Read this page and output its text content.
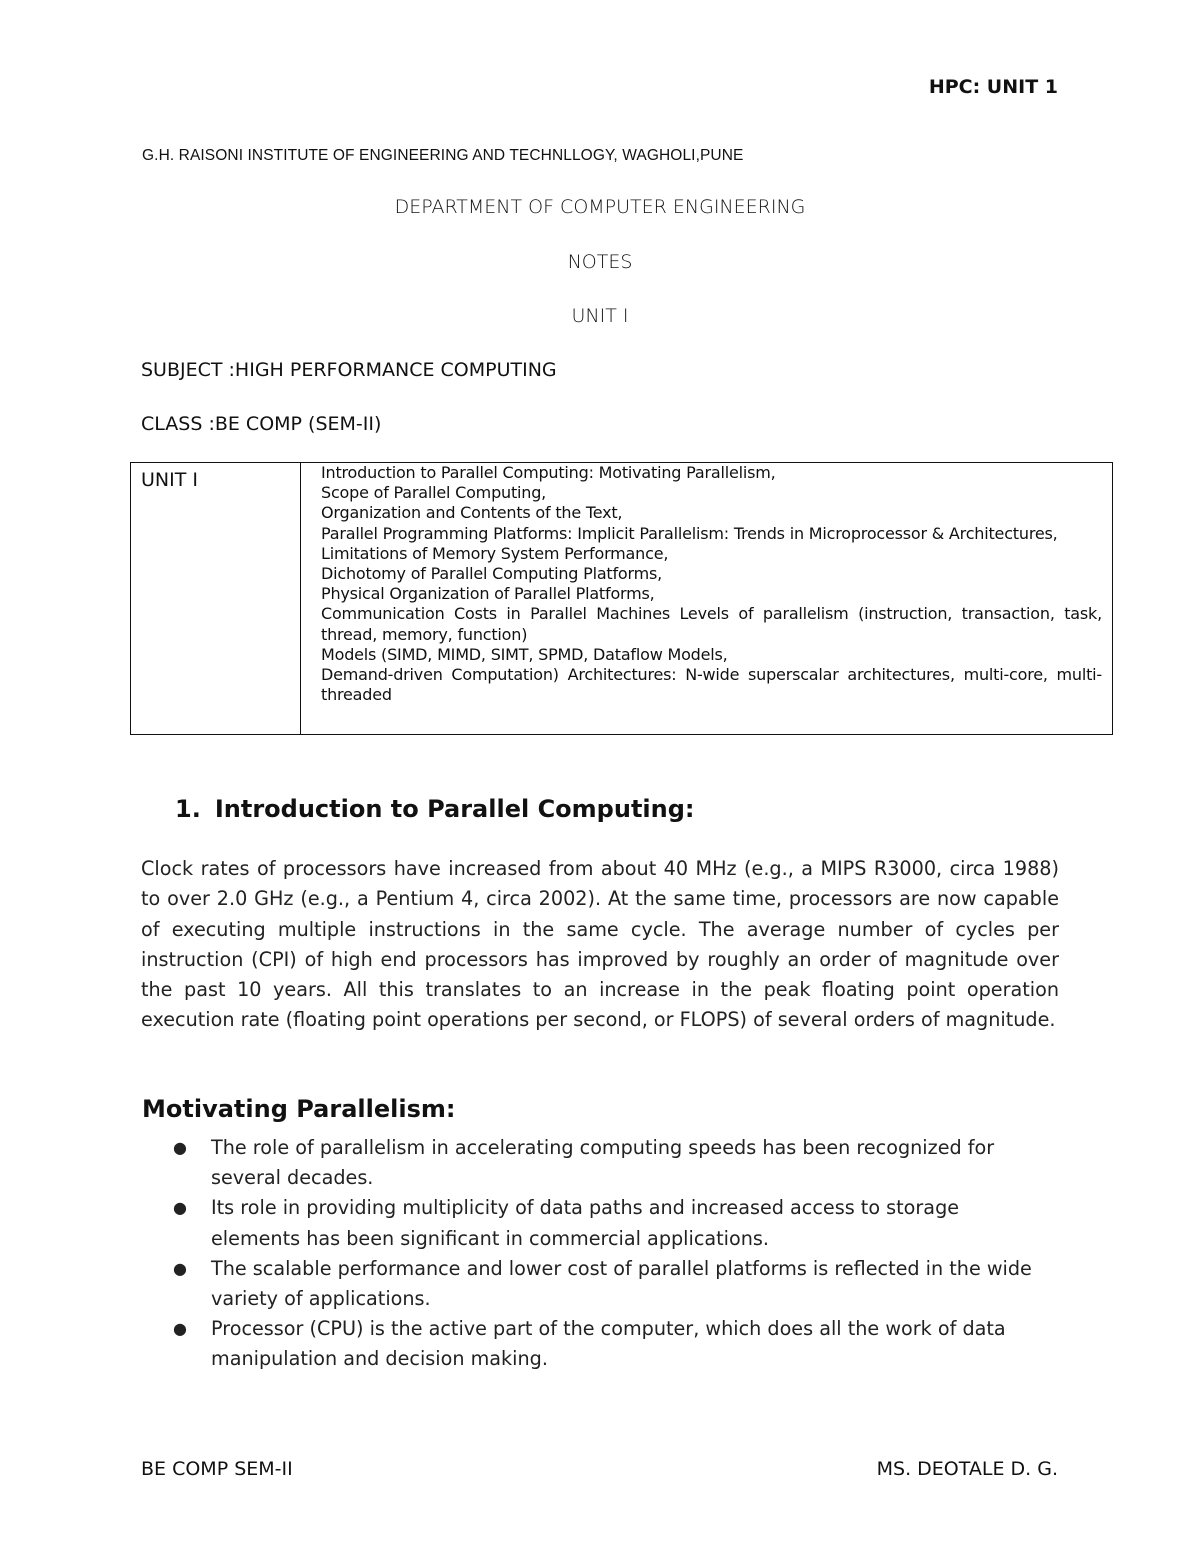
HPC: UNIT 1
G.H. RAISONI INSTITUTE OF ENGINEERING AND TECHNLLOGY, WAGHOLI,PUNE
DEPARTMENT OF COMPUTER ENGINEERING
NOTES
UNIT I
SUBJECT :HIGH PERFORMANCE COMPUTING
CLASS :BE COMP (SEM-II)
UNIT I	Introduction to Parallel Computing: Motivating Parallelism,
Scope of Parallel Computing,
Organization and Contents of the Text,
Parallel Programming Platforms: Implicit Parallelism: Trends in Microprocessor & Architectures,
Limitations of Memory System Performance,
Dichotomy of Parallel Computing Platforms,
Physical Organization of Parallel Platforms,
Communication Costs in Parallel Machines Levels of parallelism (instruction, transaction, task, thread, memory, function)
Models (SIMD, MIMD, SIMT, SPMD, Dataflow Models,
Demand-driven Computation) Architectures: N-wide superscalar architectures, multi-core, multi-threaded
1. Introduction to Parallel Computing:
Clock rates of processors have increased from about 40 MHz (e.g., a MIPS R3000, circa 1988) to over 2.0 GHz (e.g., a Pentium 4, circa 2002). At the same time, processors are now capable of executing multiple instructions in the same cycle. The average number of cycles per instruction (CPI) of high end processors has improved by roughly an order of magnitude over the past 10 years. All this translates to an increase in the peak floating point operation execution rate (floating point operations per second, or FLOPS) of several orders of magnitude.
Motivating Parallelism:
● The role of parallelism in accelerating computing speeds has been recognized for several decades.
● Its role in providing multiplicity of data paths and increased access to storage elements has been significant in commercial applications.
● The scalable performance and lower cost of parallel platforms is reflected in the wide variety of applications.
● Processor (CPU) is the active part of the computer, which does all the work of data manipulation and decision making.
BE COMP SEM-II	MS. DEOTALE D. G.
